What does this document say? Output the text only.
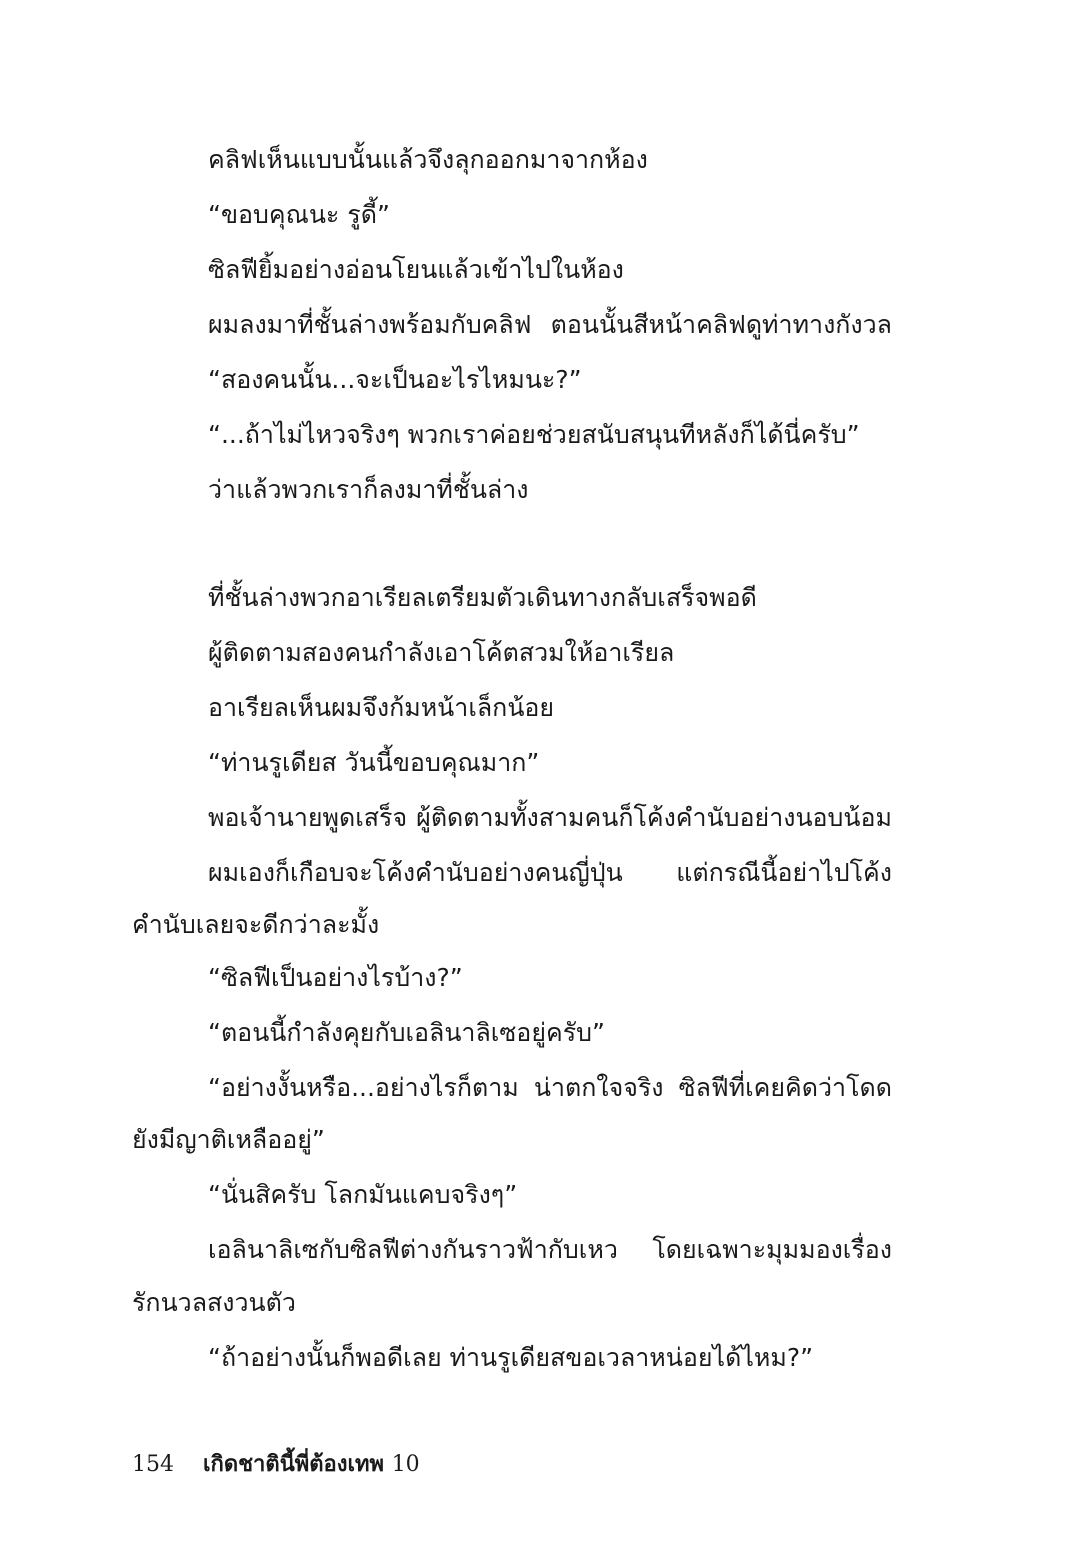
คลิฟเห็นแบบนั้นแล้วจึงลุกออกมาจากห้อง
“ขอบคุณนะ รูดี้”
ซิลฟียิ้มอย่างอ่อนโยนแล้วเข้าไปในห้อง
ผมลงมาที่ชั้นล่างพร้อมกับคลิฟ ตอนนั้นสีหน้าคลิฟดูท่าทางกังวล
“สองคนนั้น...จะเป็นอะไรไหมนะ?”
“...ถ้าไม่ไหวจริงๆ พวกเราค่อยช่วยสนับสนุนทีหลังก็ได้นี่ครับ”
ว่าแล้วพวกเราก็ลงมาที่ชั้นล่าง
ที่ชั้นล่างพวกอาเรียลเตรียมตัวเดินทางกลับเสร็จพอดี
ผู้ติดตามสองคนกำลังเอาโค้ตสวมให้อาเรียล
อาเรียลเห็นผมจึงก้มหน้าเล็กน้อย
“ท่านรูเดียส วันนี้ขอบคุณมาก”
พอเจ้านายพูดเสร็จ ผู้ติดตามทั้งสามคนก็โค้งคำนับอย่างนอบน้อม
ผมเองก็เกือบจะโค้งคำนับอย่างคนญี่ปุ่น แต่กรณีนี้อย่าไปโค้ง
คำนับเลยจะดีกว่าละมั้ง
“ซิลฟีเป็นอย่างไรบ้าง?”
“ตอนนี้กำลังคุยกับเอลินาลิเซอยู่ครับ”
“อย่างงั้นหรือ...อย่างไรก็ตาม น่าตกใจจริง ซิลฟีที่เคยคิดว่าโดด
ยังมีญาติเหลืออยู่”
“นั่นสิครับ โลกมันแคบจริงๆ”
เอลินาลิเซกับซิลฟีต่างกันราวฟ้ากับเหว โดยเฉพาะมุมมองเรื่อง
รักนวลสงวนตัว
“ถ้าอย่างนั้นก็พอดีเลย ท่านรูเดียสขอเวลาหน่อยได้ไหม?”
154 เกิดชาตินี้พี่ต้องเทพ 10
